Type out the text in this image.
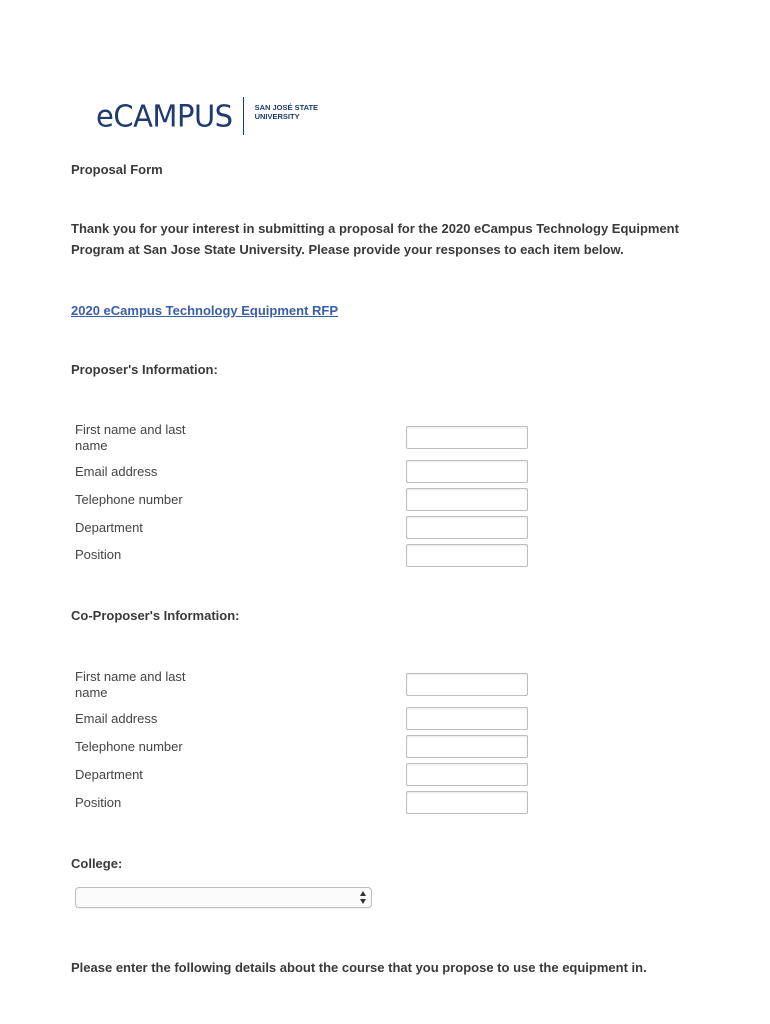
eCAMPUS	SAN JOSÉ STATE
UNIVERSITY
Proposal Form
Thank you for your interest in submitting a proposal for the 2020 eCampus Technology Equipment Program at San Jose State University. Please provide your responses to each item below.
2020 eCampus Technology Equipment RFP
Proposer's Information:
First name and last name
Email address
Telephone number
Department
Position
Co-Proposer's Information:
First name and last name
Email address
Telephone number
Department
Position
College:
Please enter the following details about the course that you propose to use the equipment in.
